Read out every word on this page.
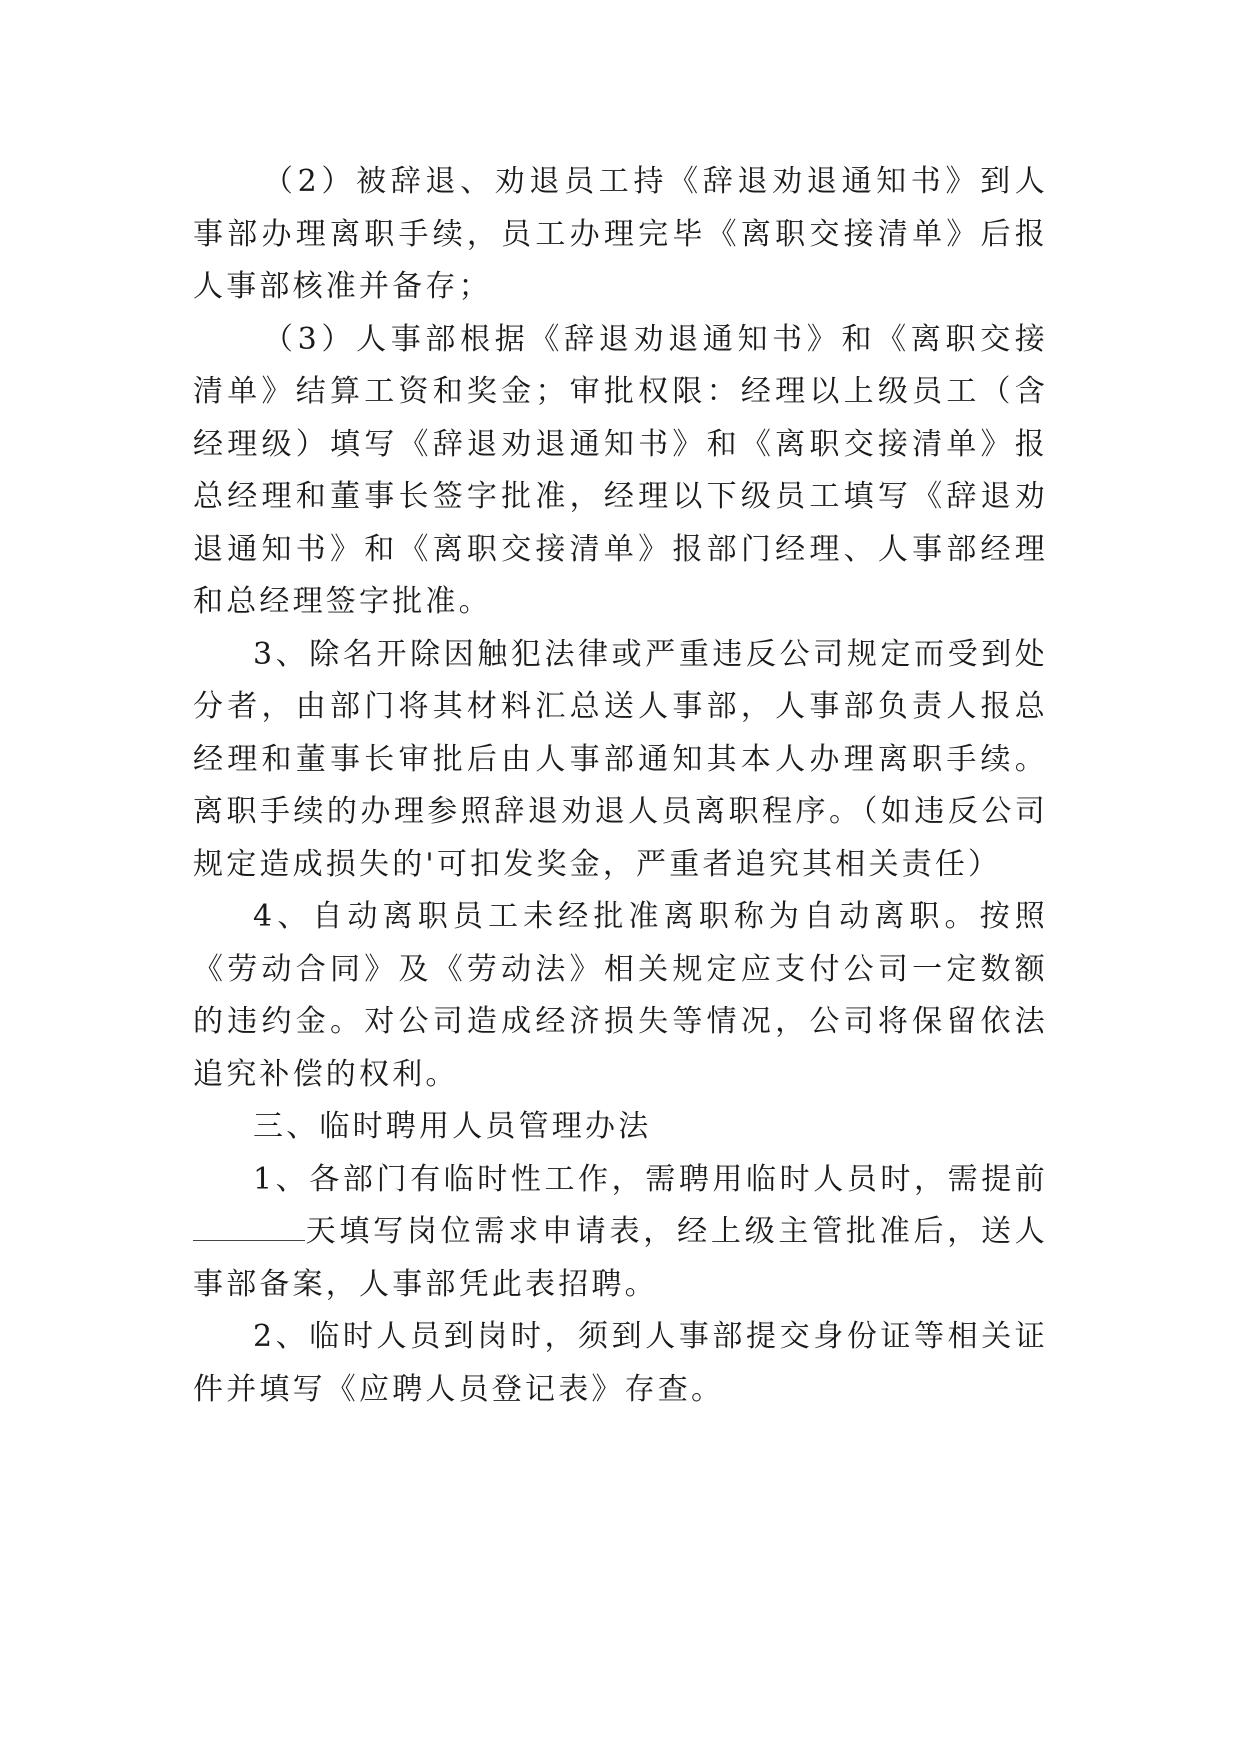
（2）被辞退、劝退员工持《辞退劝退通知书》到人事部办理离职手续，员工办理完毕《离职交接清单》后报人事部核准并备存；

（3）人事部根据《辞退劝退通知书》和《离职交接清单》结算工资和奖金；审批权限：经理以上级员工（含经理级）填写《辞退劝退通知书》和《离职交接清单》报总经理和董事长签字批准，经理以下级员工填写《辞退劝退通知书》和《离职交接清单》报部门经理、人事部经理和总经理签字批准。

3、除名开除因触犯法律或严重违反公司规定而受到处分者，由部门将其材料汇总送人事部，人事部负责人报总经理和董事长审批后由人事部通知其本人办理离职手续。离职手续的办理参照辞退劝退人员离职程序。（如违反公司规定造成损失的'可扣发奖金，严重者追究其相关责任）

4、自动离职员工未经批准离职称为自动离职。按照《劳动合同》及《劳动法》相关规定应支付公司一定数额的违约金。对公司造成经济损失等情况，公司将保留依法追究补偿的权利。

三、临时聘用人员管理办法

1、各部门有临时性工作，需聘用临时人员时，需提前天填写岗位需求申请表，经上级主管批准后，送人事部备案，人事部凭此表招聘。

2、临时人员到岗时，须到人事部提交身份证等相关证件并填写《应聘人员登记表》存查。
